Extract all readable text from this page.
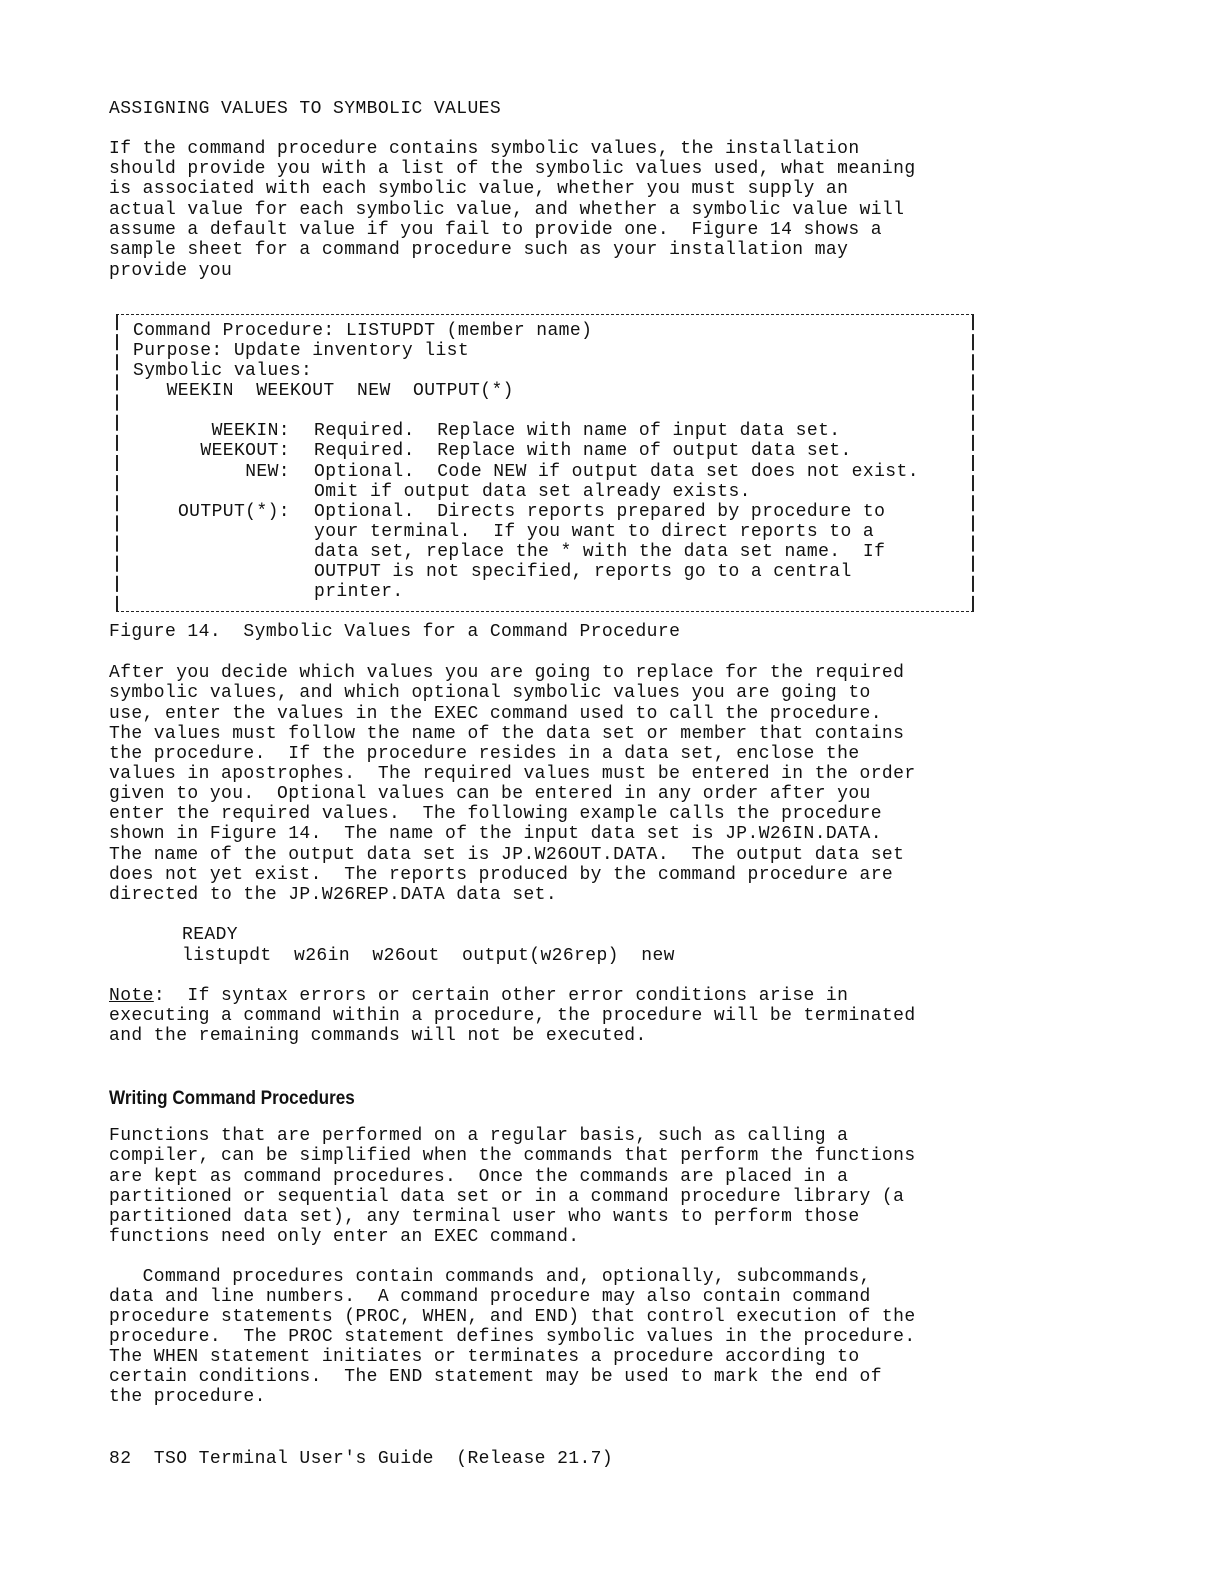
ASSIGNING VALUES TO SYMBOLIC VALUES
If the command procedure contains symbolic values, the installation
should provide you with a list of the symbolic values used, what meaning
is associated with each symbolic value, whether you must supply an
actual value for each symbolic value, and whether a symbolic value will
assume a default value if you fail to provide one.  Figure 14 shows a
sample sheet for a command procedure such as your installation may
provide you
Command Procedure: LISTUPDT (member name)
Purpose: Update inventory list
Symbolic values:
WEEKIN  WEEKOUT  NEW  OUTPUT(*)
WEEKIN: Required.  Replace with name of input data set.
WEEKOUT: Required.  Replace with name of output data set.
NEW: Optional.  Code NEW if output data set does not exist.
Omit if output data set already exists.
OUTPUT(*): Optional.  Directs reports prepared by procedure to
your terminal.  If you want to direct reports to a
data set, replace the * with the data set name.  If
OUTPUT is not specified, reports go to a central
printer.
Figure 14.  Symbolic Values for a Command Procedure
After you decide which values you are going to replace for the required
symbolic values, and which optional symbolic values you are going to
use, enter the values in the EXEC command used to call the procedure.
The values must follow the name of the data set or member that contains
the procedure.  If the procedure resides in a data set, enclose the
values in apostrophes.  The required values must be entered in the order
given to you.  Optional values can be entered in any order after you
enter the required values.  The following example calls the procedure
shown in Figure 14.  The name of the input data set is JP.W26IN.DATA.
The name of the output data set is JP.W26OUT.DATA.  The output data set
does not yet exist.  The reports produced by the command procedure are
directed to the JP.W26REP.DATA data set.
READY
listupdt  w26in  w26out  output(w26rep)  new
Note:  If syntax errors or certain other error conditions arise in
executing a command within a procedure, the procedure will be terminated
and the remaining commands will not be executed.
Writing Command Procedures
Functions that are performed on a regular basis, such as calling a
compiler, can be simplified when the commands that perform the functions
are kept as command procedures.  Once the commands are placed in a
partitioned or sequential data set or in a command procedure library (a
partitioned data set), any terminal user who wants to perform those
functions need only enter an EXEC command.
Command procedures contain commands and, optionally, subcommands,
data and line numbers.  A command procedure may also contain command
procedure statements (PROC, WHEN, and END) that control execution of the
procedure.  The PROC statement defines symbolic values in the procedure.
The WHEN statement initiates or terminates a procedure according to
certain conditions.  The END statement may be used to mark the end of
the procedure.
82  TSO Terminal User's Guide  (Release 21.7)
